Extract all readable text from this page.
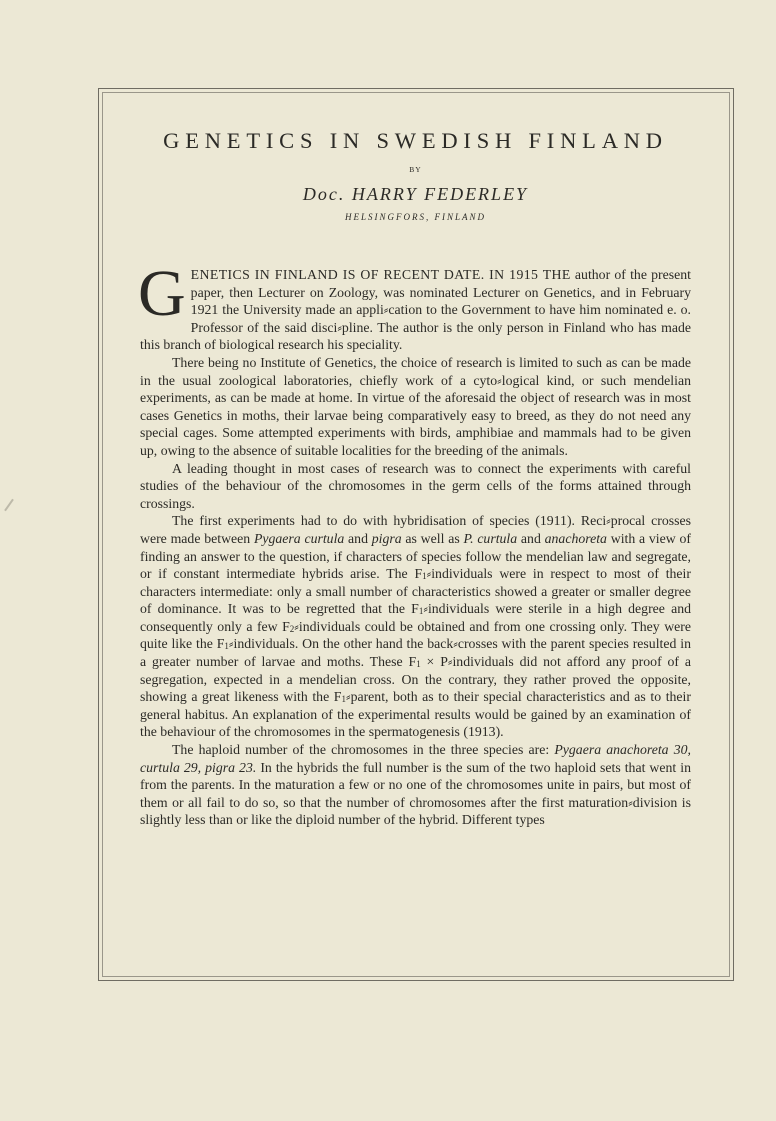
GENETICS IN SWEDISH FINLAND
BY
Doc. HARRY FEDERLEY
HELSINGFORS, FINLAND

GENETICS IN FINLAND IS OF RECENT DATE. IN 1915 THE author of the present paper, then Lecturer on Zoology, was nominated Lecturer on Genetics, and in February 1921 the University made an appli⸗cation to the Government to have him nominated e. o. Professor of the said disci⸗pline. The author is the only person in Finland who has made this branch of biological research his speciality.

There being no Institute of Genetics, the choice of research is limited to such as can be made in the usual zoological laboratories, chiefly work of a cyto⸗logical kind, or such mendelian experiments, as can be made at home. In virtue of the aforesaid the object of research was in most cases Genetics in moths, their larvae being comparatively easy to breed, as they do not need any special cages. Some attempted experiments with birds, amphibiae and mammals had to be given up, owing to the absence of suitable localities for the breeding of the animals.

A leading thought in most cases of research was to connect the experiments with careful studies of the behaviour of the chromosomes in the germ cells of the forms attained through crossings.

The first experiments had to do with hybridisation of species (1911). Reci⸗procal crosses were made between Pygaera curtula and pigra as well as P. curtula and anachoreta with a view of finding an answer to the question, if characters of species follow the mendelian law and segregate, or if constant intermediate hybrids arise. The $F_1⸗individuals$ were in respect to most of their characters intermediate: only a small number of characteristics showed a greater or smaller degree of dominance. It was to be regretted that the $F_1⸗individuals$ were sterile in a high degree and consequently only a few $F_2⸗individuals$ could be obtained and from one crossing only. They were quite like the $F_1⸗individuals$. On the other hand the back⸗crosses with the parent species resulted in a greater number of larvae and moths. These $F_1$ × P⸗individuals did not afford any proof of a segregation, expected in a mendelian cross. On the contrary, they rather proved the opposite, showing a great likeness with the $F_1⸗parent$, both as to their special characteristics and as to their general habitus. An explanation of the experimental results would be gained by an examination of the behaviour of the chromosomes in the spermatogenesis (1913).

The haploid number of the chromosomes in the three species are: Pygaera anachoreta 30, curtula 29, pigra 23. In the hybrids the full number is the sum of the two haploid sets that went in from the parents. In the maturation a few or no one of the chromosomes unite in pairs, but most of them or all fail to do so, so that the number of chromosomes after the first maturation⸗division is slightly less than or like the diploid number of the hybrid. Different types
